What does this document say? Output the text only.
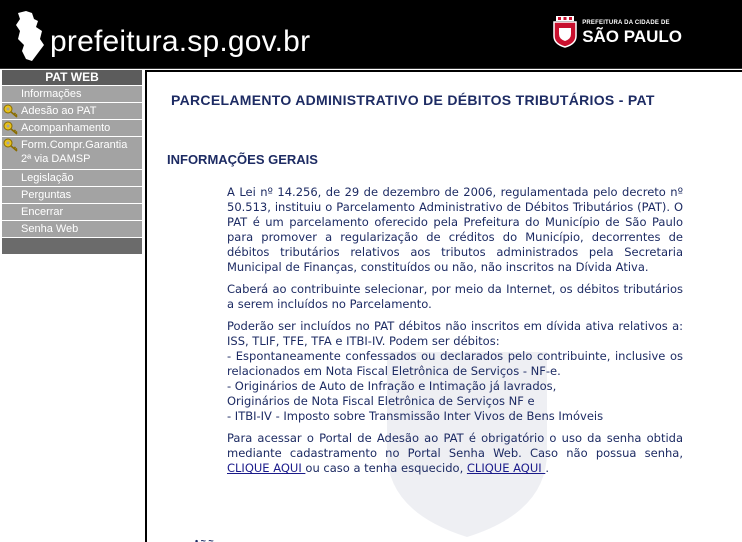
prefeitura.sp.gov.br
PREFEITURA DA CIDADE DE
SÃO PAULO
PAT WEB
Informações
Adesão ao PAT
Acompanhamento
Form.Compr.Garantia
2ª via DAMSP
Legislação
Perguntas
Encerrar
Senha Web
PARCELAMENTO ADMINISTRATIVO DE DÉBITOS TRIBUTÁRIOS - PAT
INFORMAÇÕES GERAIS

A Lei nº 14.256, de 29 de dezembro de 2006, regulamentada pelo decreto nº 50.513, instituiu o Parcelamento Administrativo de Débitos Tributários (PAT). O PAT é um parcelamento oferecido pela Prefeitura do Município de São Paulo para promover a regularização de créditos do Município, decorrentes de débitos tributários relativos aos tributos administrados pela Secretaria Municipal de Finanças, constituídos ou não, não inscritos na Dívida Ativa.

Caberá ao contribuinte selecionar, por meio da Internet, os débitos tributários a serem incluídos no Parcelamento.

Poderão ser incluídos no PAT débitos não inscritos em dívida ativa relativos a: ISS, TLIF, TFE, TFA e ITBI-IV. Podem ser débitos:
- Espontaneamente confessados ou declarados pelo contribuinte, inclusive os relacionados em Nota Fiscal Eletrônica de Serviços - NF-e.
- Originários de Auto de Infração e Intimação já lavrados,
Originários de Nota Fiscal Eletrônica de Serviços NF e
- ITBI-IV - Imposto sobre Transmissão Inter Vivos de Bens Imóveis

Para acessar o Portal de Adesão ao PAT é obrigatório o uso da senha obtida mediante cadastramento no Portal Senha Web. Caso não possua senha, CLIQUE AQUI ou caso a tenha esquecido, CLIQUE AQUI .

• ~ ~
